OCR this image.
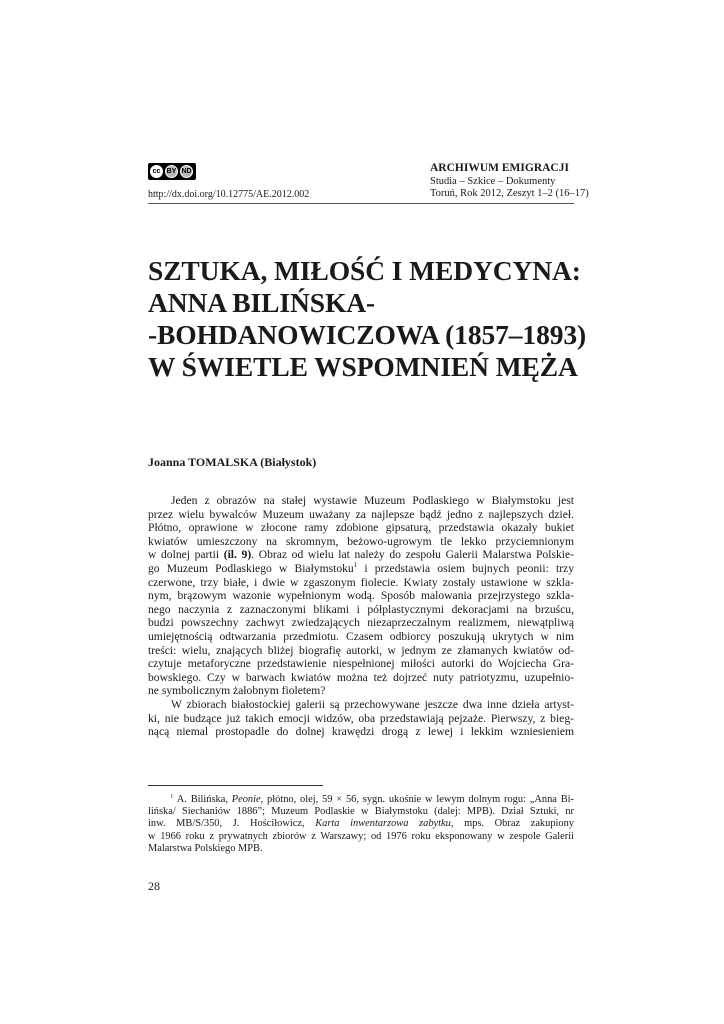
cc BY ND
http://dx.doi.org/10.12775/AE.2012.002
ARCHIWUM EMIGRACJI
Studia – Szkice – Dokumenty
Toruń, Rok 2012, Zeszyt 1–2 (16–17)
SZTUKA, MIŁOŚĆ I MEDYCYNA:
ANNA BILIŃSKA-
-BOHDANOWICZOWA (1857–1893)
W ŚWIETLE WSPOMNIEŃ MĘŻA
Joanna TOMALSKA (Białystok)
Jeden z obrazów na stałej wystawie Muzeum Podlaskiego w Białymstoku jest
przez wielu bywalców Muzeum uważany za najlepsze bądź jedno z najlepszych dzieł.
Płótno, oprawione w złocone ramy zdobione gipsaturą, przedstawia okazały bukiet
kwiatów umieszczony na skromnym, beżowo-ugrowym tle lekko przyciemnionym
w dolnej partii (il. 9). Obraz od wielu lat należy do zespołu Galerii Malarstwa Polskie-
go Muzeum Podlaskiego w Białymstoku$^1$ i przedstawia osiem bujnych peonii: trzy
czerwone, trzy białe, i dwie w zgaszonym fiolecie. Kwiaty zostały ustawione w szkla-
nym, brązowym wazonie wypełnionym wodą. Sposób malowania przejrzystego szkla-
nego naczynia z zaznaczonymi blikami i półplastycznymi dekoracjami na brzuścu,
budzi powszechny zachwyt zwiedzających niezaprzeczalnym realizmem, niewątpliwą
umiejętnością odtwarzania przedmiotu. Czasem odbiorcy poszukują ukrytych w nim
treści: wielu, znających bliżej biografię autorki, w jednym ze złamanych kwiatów od-
czytuje metaforyczne przedstawienie niespełnionej miłości autorki do Wojciecha Gra-
bowskiego. Czy w barwach kwiatów można też dojrzeć nuty patriotyzmu, uzupełnio-
ne symbolicznym żałobnym fioletem?
W zbiorach białostockiej galerii są przechowywane jeszcze dwa inne dzieła artyst-
ki, nie budzące już takich emocji widzów, oba przedstawiają pejzaże. Pierwszy, z bieg-
nącą niemal prostopadle do dolnej krawędzi drogą z lewej i lekkim wzniesieniem
$^1$ A. Bilińska, Peonie, płótno, olej, 59 × 56, sygn. ukośnie w lewym dolnym rogu: „Anna Bi-
lińska/ Siechaniów 1886”; Muzeum Podlaskie w Białymstoku (dalej: MPB). Dział Sztuki, nr
inw. MB/S/350, J. Hościłowicz, Karta inwentarzowa zabytku, mps. Obraz zakupiony
w 1966 roku z prywatnych zbiorów z Warszawy; od 1976 roku eksponowany w zespole Galerii
Malarstwa Polskiego MPB.
28
